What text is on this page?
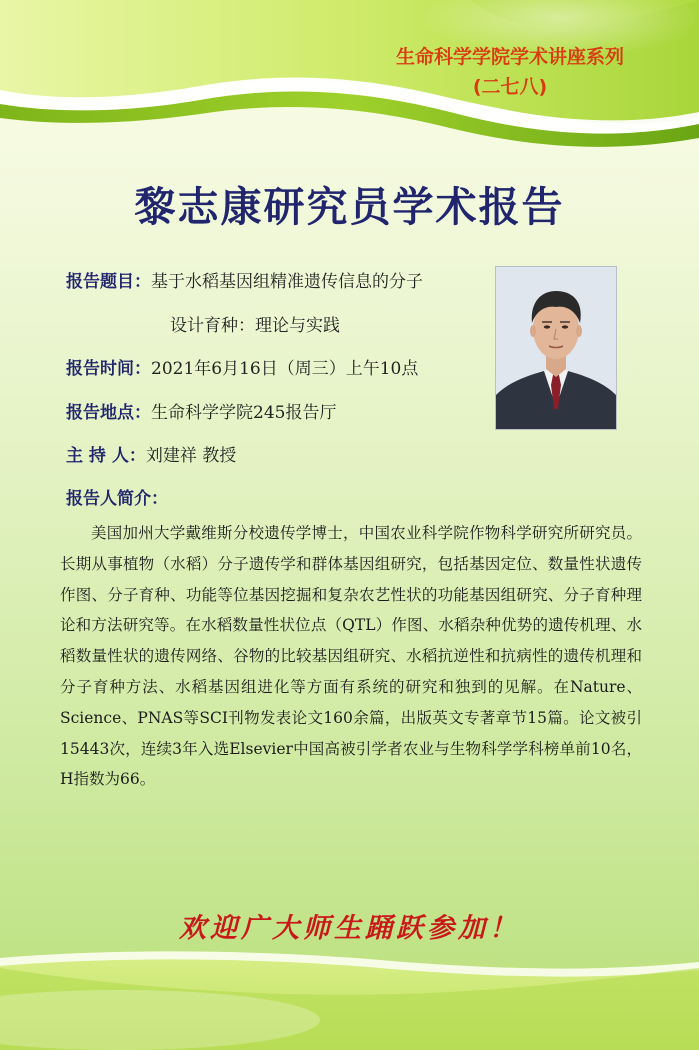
生命科学学院学术讲座系列
(二七八)
黎志康研究员学术报告
报告题目：基于水稻基因组精准遗传信息的分子
设计育种：理论与实践
报告时间：2021年6月16日（周三）上午10点
报告地点：生命科学学院245报告厅
主 持 人：刘建祥 教授
报告人简介：
美国加州大学戴维斯分校遗传学博士，中国农业科学院作物科学研究所研究员。长期从事植物（水稻）分子遗传学和群体基因组研究，包括基因定位、数量性状遗传作图、分子育种、功能等位基因挖掘和复杂农艺性状的功能基因组研究、分子育种理论和方法研究等。在水稻数量性状位点（QTL）作图、水稻杂种优势的遗传机理、水稻数量性状的遗传网络、谷物的比较基因组研究、水稻抗逆性和抗病性的遗传机理和分子育种方法、水稻基因组进化等方面有系统的研究和独到的见解。在Nature、Science、PNAS等SCI刊物发表论文160余篇，出版英文专著章节15篇。论文被引15443次，连续3年入选Elsevier中国高被引学者农业与生物科学学科榜单前10名，H指数为66。
欢迎广大师生踊跃参加！
